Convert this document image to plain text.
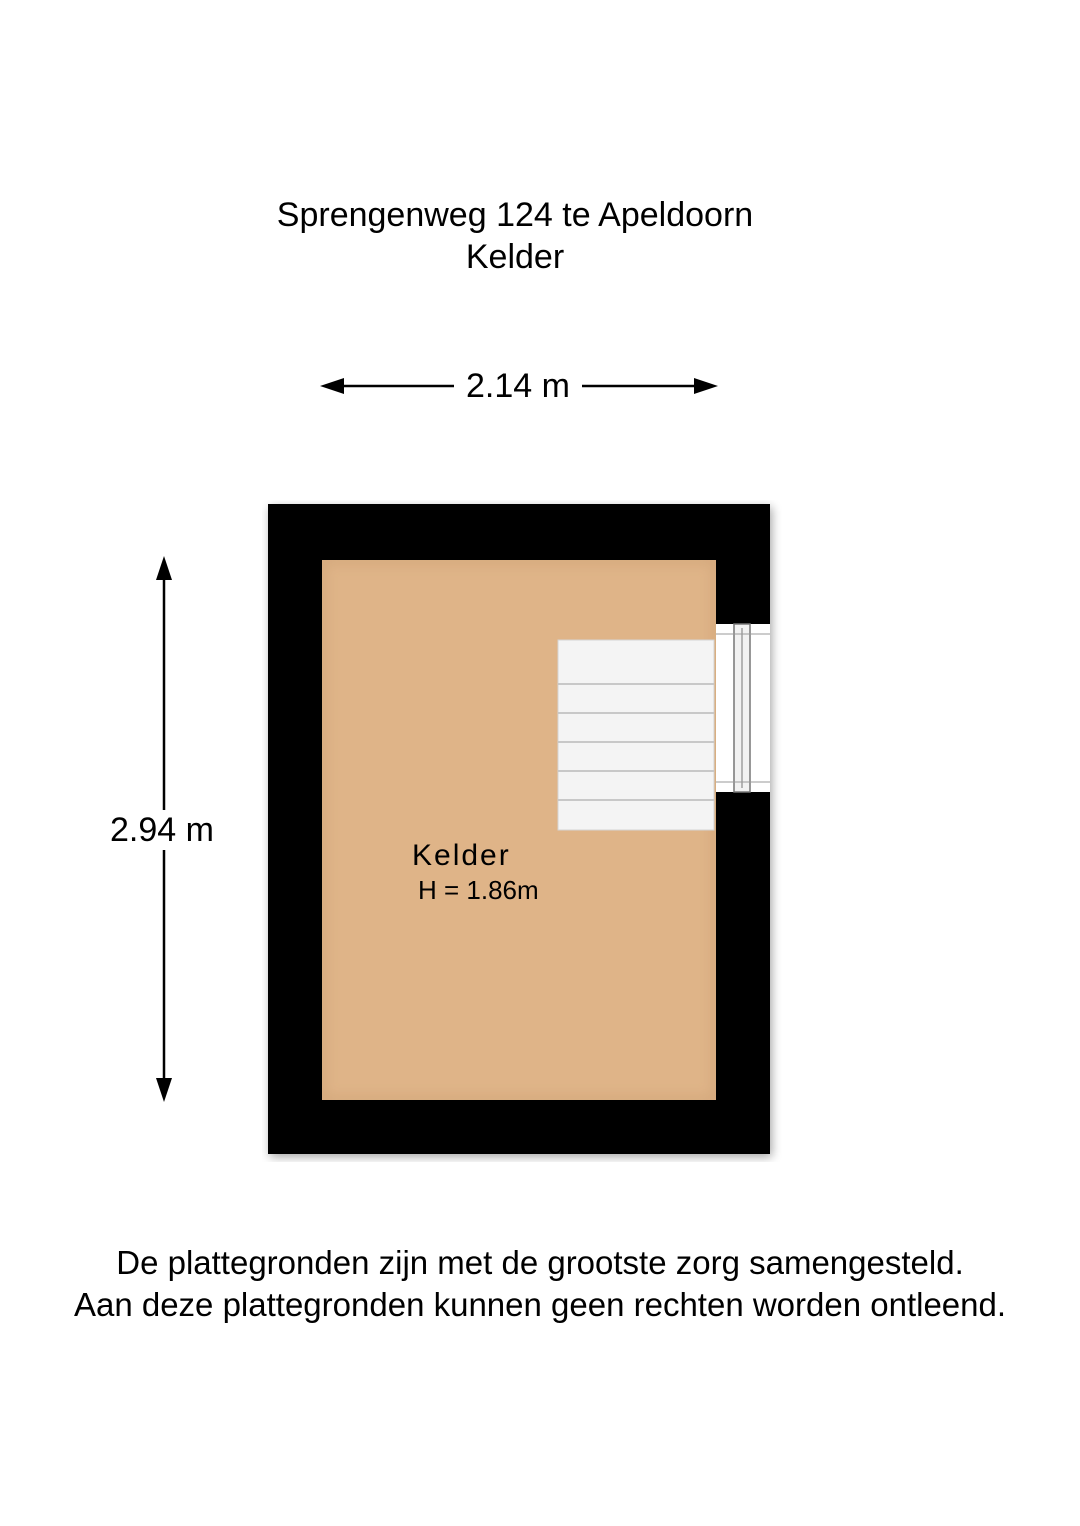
Sprengenweg 124 te Apeldoorn
Kelder
2.14 m
2.94 m
Kelder
H = 1.86m
De plattegronden zijn met de grootste zorg samengesteld.
Aan deze plattegronden kunnen geen rechten worden ontleend.
